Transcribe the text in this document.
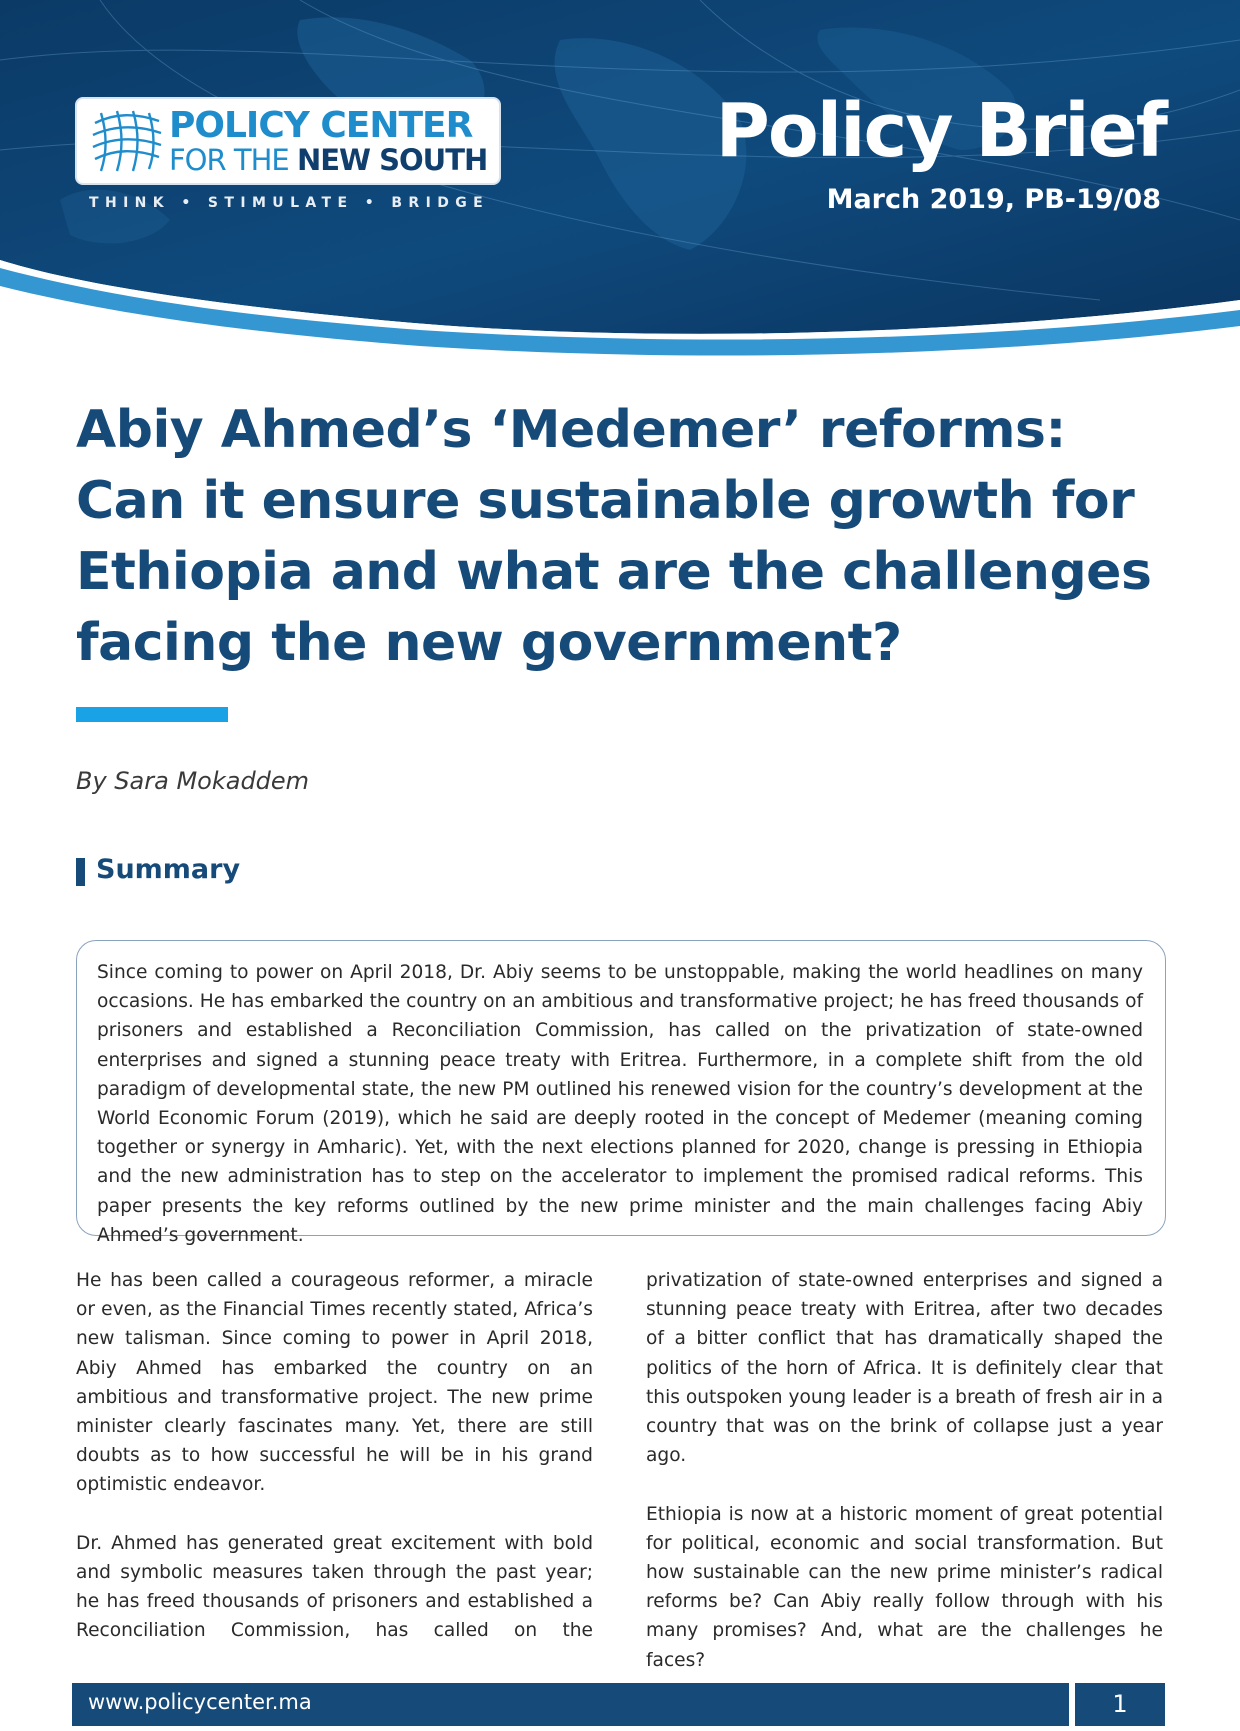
POLICY CENTER
FOR THE NEW SOUTH
THINK • STIMULATE • BRIDGE
Policy Brief
March 2019, PB-19/08
Abiy Ahmed’s ‘Medemer’ reforms:
Can it ensure sustainable growth for
Ethiopia and what are the challenges
facing the new government?
By Sara Mokaddem
Summary

Since coming to power on April 2018, Dr. Abiy seems to be unstoppable, making the world headlines on many occasions. He has embarked the country on an ambitious and transformative project; he has freed thousands of prisoners and established a Reconciliation Commission, has called on the privatization of state-owned enterprises and signed a stunning peace treaty with Eritrea. Furthermore, in a complete shift from the old paradigm of developmental state, the new PM outlined his renewed vision for the country’s development at the World Economic Forum (2019), which he said are deeply rooted in the concept of Medemer (meaning coming together or synergy in Amharic). Yet, with the next elections planned for 2020, change is pressing in Ethiopia and the new administration has to step on the accelerator to implement the promised radical reforms. This paper presents the key reforms outlined by the new prime minister and the main challenges facing Abiy Ahmed’s government.

He has been called a courageous reformer, a miracle or even, as the Financial Times recently stated, Africa’s new talisman. Since coming to power in April 2018, Abiy Ahmed has embarked the country on an ambitious and transformative project. The new prime minister clearly fascinates many. Yet, there are still doubts as to how successful he will be in his grand optimistic endeavor.

Dr. Ahmed has generated great excitement with bold and symbolic measures taken through the past year; he has freed thousands of prisoners and established a Reconciliation Commission, has called on the

privatization of state-owned enterprises and signed a stunning peace treaty with Eritrea, after two decades of a bitter conflict that has dramatically shaped the politics of the horn of Africa. It is definitely clear that this outspoken young leader is a breath of fresh air in a country that was on the brink of collapse just a year ago.

Ethiopia is now at a historic moment of great potential for political, economic and social transformation. But how sustainable can the new prime minister’s radical reforms be? Can Abiy really follow through with his many promises? And, what are the challenges he faces?

www.policycenter.ma	1
